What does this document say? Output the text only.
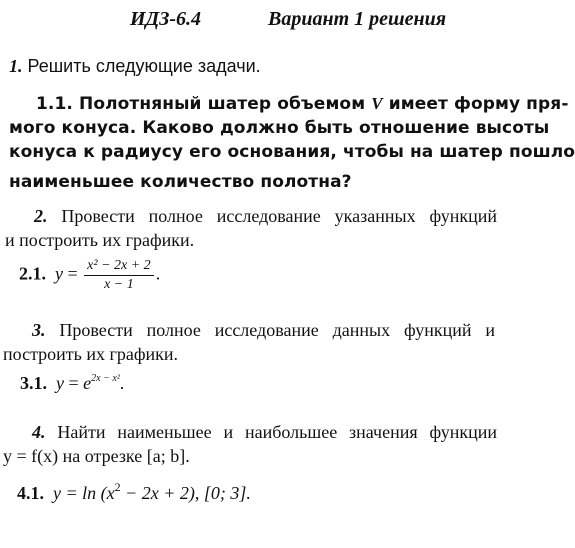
ИДЗ-6.4	Вариант 1 решения
1. Решить следующие задачи.
1.1. Полотняный шатер объемом V имеет форму пря-
мого конуса. Каково должно быть отношение высоты
конуса к радиусу его основания, чтобы на шатер пошло
наименьшее количество полотна?
2. Провести полное исследование указанных функций
и построить их графики.
2.1. $y = \frac{\text{x² − 2x + 2}}{x - 1}$ .
3. Провести полное исследование данных функций и
построить их графики.
3.1. $y = e^{2x - x^2}$.
4. Найти наименьшее и наибольшее значения функции
y = f(x) на отрезке [a; b].
4.1. $y = \ln (x^2 - 2x + 2)$, [0; 3].
